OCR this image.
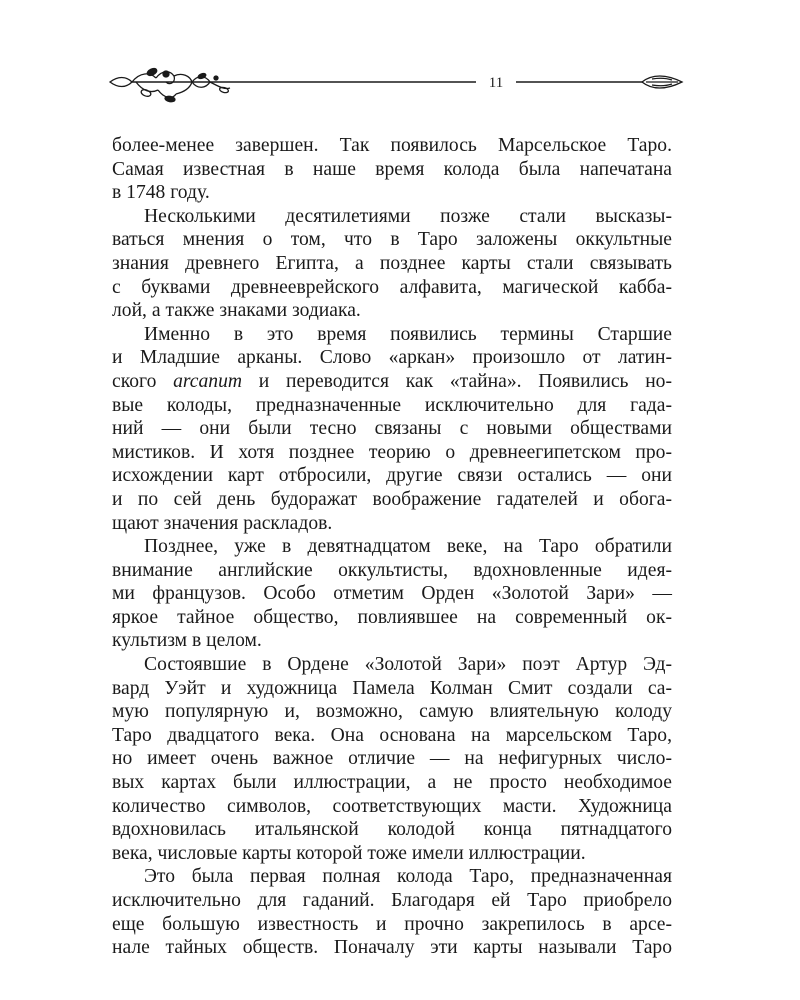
11
более-менее завершен. Так появилось Марсельское Таро.
Самая известная в наше время колода была напечатана
в 1748 году.
Несколькими десятилетиями позже стали высказы-
ваться мнения о том, что в Таро заложены оккультные
знания древнего Египта, а позднее карты стали связывать
с буквами древнееврейского алфавита, магической кабба-
лой, а также знаками зодиака.
Именно в это время появились термины Старшие
и Младшие арканы. Слово «аркан» произошло от латин-
ского arcanum и переводится как «тайна». Появились но-
вые колоды, предназначенные исключительно для гада-
ний — они были тесно связаны с новыми обществами
мистиков. И хотя позднее теорию о древнеегипетском про-
исхождении карт отбросили, другие связи остались — они
и по сей день будоражат воображение гадателей и обога-
щают значения раскладов.
Позднее, уже в девятнадцатом веке, на Таро обратили
внимание английские оккультисты, вдохновленные идея-
ми французов. Особо отметим Орден «Золотой Зари» —
яркое тайное общество, повлиявшее на современный ок-
культизм в целом.
Состоявшие в Ордене «Золотой Зари» поэт Артур Эд-
вард Уэйт и художница Памела Колман Смит создали са-
мую популярную и, возможно, самую влиятельную колоду
Таро двадцатого века. Она основана на марсельском Таро,
но имеет очень важное отличие — на нефигурных число-
вых картах были иллюстрации, а не просто необходимое
количество символов, соответствующих масти. Художница
вдохновилась итальянской колодой конца пятнадцатого
века, числовые карты которой тоже имели иллюстрации.
Это была первая полная колода Таро, предназначенная
исключительно для гаданий. Благодаря ей Таро приобрело
еще большую известность и прочно закрепилось в арсе-
нале тайных обществ. Поначалу эти карты называли Таро
